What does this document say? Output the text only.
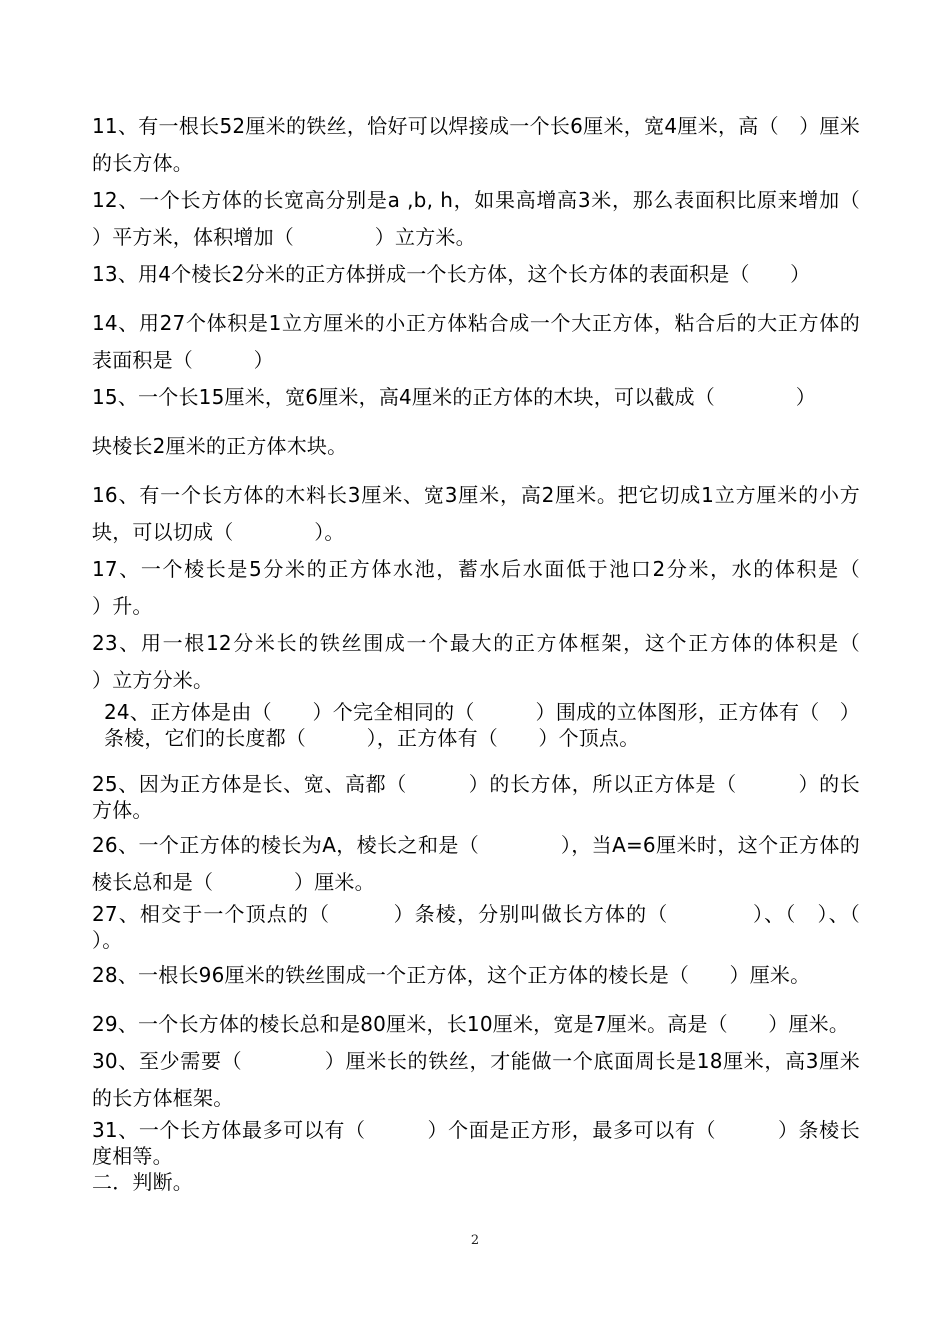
11、有一根长52厘米的铁丝，恰好可以焊接成一个长6厘米，宽4厘米，高（　）厘米的长方体。
12、一个长方体的长宽高分别是a ,b, h，如果高增高3米，那么表面积比原来增加（　　　）平方米，体积增加（　　　　）立方米。
13、用4个棱长2分米的正方体拼成一个长方体，这个长方体的表面积是（　　）
14、用27个体积是1立方厘米的小正方体粘合成一个大正方体，粘合后的大正方体的表面积是（　　　）
15、一个长15厘米，宽6厘米，高4厘米的正方体的木块，可以截成（　　　　）
块棱长2厘米的正方体木块。
16、有一个长方体的木料长3厘米、宽3厘米，高2厘米。把它切成1立方厘米的小方块，可以切成（　　　　）。
17、一个棱长是5分米的正方体水池，蓄水后水面低于池口2分米，水的体积是（　　　　）升。
23、用一根12分米长的铁丝围成一个最大的正方体框架，这个正方体的体积是（　　　　）立方分米。
24、正方体是由（　　）个完全相同的（　　　）围成的立体图形，正方体有（　）条棱，它们的长度都（　　　），正方体有（　　）个顶点。
25、因为正方体是长、宽、高都（　　　）的长方体，所以正方体是（　　　）的长方体。
26、一个正方体的棱长为A，棱长之和是（　　　　），当A=6厘米时，这个正方体的棱长总和是（　　　　）厘米。
27、相交于一个顶点的（　　　）条棱，分别叫做长方体的（　　　　）、（　）、（　　　　）。
28、一根长96厘米的铁丝围成一个正方体，这个正方体的棱长是（　　）厘米。
29、一个长方体的棱长总和是80厘米，长10厘米，宽是7厘米。高是（　　）厘米。
30、至少需要（　　　　）厘米长的铁丝，才能做一个底面周长是18厘米，高3厘米的长方体框架。
31、一个长方体最多可以有（　　　）个面是正方形，最多可以有（　　　）条棱长度相等。
二．判断。
2
